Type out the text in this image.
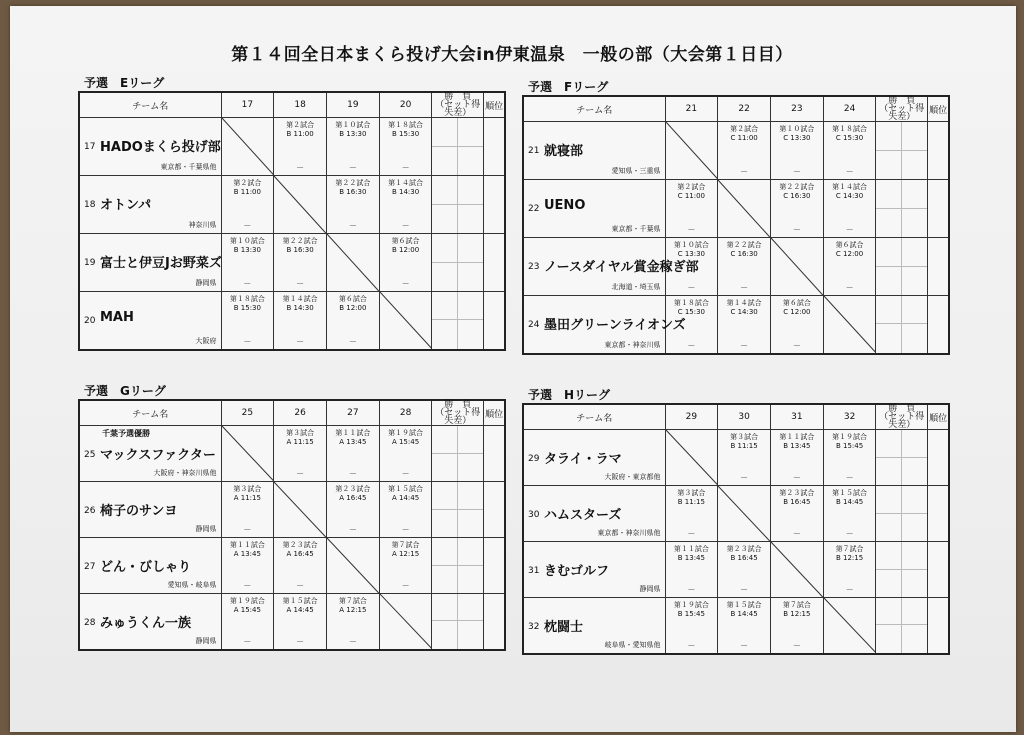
第１４回全日本まくら投げ大会in伊東温泉　一般の部（大会第１日目）
予選　Eリーグ
チーム名	17	18	19	20	勝　負
（セット得失差）	順位

17 HADOまくら投げ部
東京都・千葉県他		第２試合
B 11:00
－	第１０試合
B 13:30
－	第１８試合
B 15:30
－		

18 オトンパ
神奈川県	第２試合
B 11:00
－		第２２試合
B 16:30
－	第１４試合
B 14:30
－		

19 富士と伊豆Jお野菜ズ
静岡県	第１０試合
B 13:30
－	第２２試合
B 16:30
－		第６試合
B 12:00
－		

20 MAH
大阪府	第１８試合
B 15:30
－	第１４試合
B 14:30
－	第６試合
B 12:00
－

予選　Fリーグ
チーム名	21	22	23	24	勝　負
（セット得失差）	順位

21 就寝部
愛知県・三重県		第２試合
C 11:00
－	第１０試合
C 13:30
－	第１８試合
C 15:30
－		

22 UENO
東京都・千葉県	第２試合
C 11:00
－		第２２試合
C 16:30
－	第１４試合
C 14:30
－		

23 ノースダイヤル賞金稼ぎ部
北海道・埼玉県	第１０試合
C 13:30
－	第２２試合
C 16:30
－		第６試合
C 12:00
－		

24 墨田グリーンライオンズ
東京都・神奈川県	第１８試合
C 15:30
－	第１４試合
C 14:30
－	第６試合
C 12:00
－

予選　Gリーグ
チーム名	25	26	27	28	勝　負
（セット得失差）	順位

千葉予選優勝
25 マックスファクター
大阪府・神奈川県他		第３試合
A 11:15
－	第１１試合
A 13:45
－	第１９試合
A 15:45
－		

26 椅子のサンヨ
静岡県	第３試合
A 11:15
－		第２３試合
A 16:45
－	第１５試合
A 14:45
－		

27 どん・びしゃり
愛知県・岐阜県	第１１試合
A 13:45
－	第２３試合
A 16:45
－		第７試合
A 12:15
－		

28 みゅうくん一族
静岡県	第１９試合
A 15:45
－	第１５試合
A 14:45
－	第７試合
A 12:15
－

予選　Hリーグ
チーム名	29	30	31	32	勝　負
（セット得失差）	順位

29 タライ・ラマ
大阪府・東京都他		第３試合
B 11:15
－	第１１試合
B 13:45
－	第１９試合
B 15:45
－		

30 ハムスターズ
東京都・神奈川県他	第３試合
B 11:15
－		第２３試合
B 16:45
－	第１５試合
B 14:45
－		

31 きむゴルフ
静岡県	第１１試合
B 13:45
－	第２３試合
B 16:45
－		第７試合
B 12:15
－		

32 枕闘士
岐阜県・愛知県他	第１９試合
B 15:45
－	第１５試合
B 14:45
－	第７試合
B 12:15
－
